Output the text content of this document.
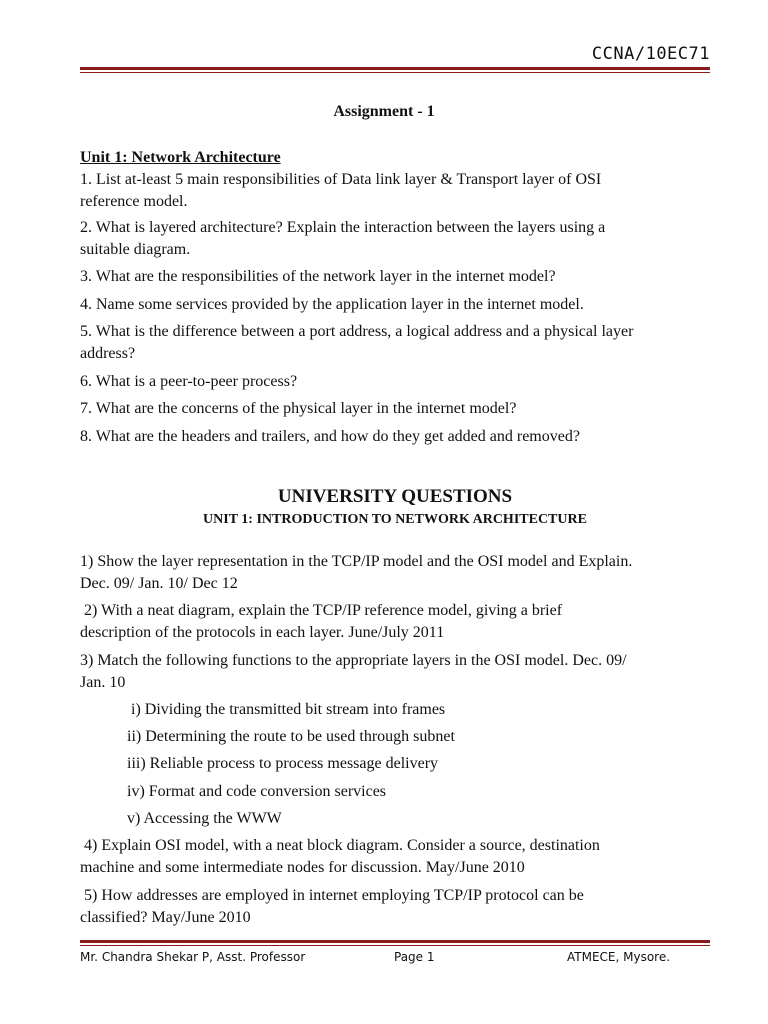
CCNA/10EC71
Assignment - 1
Unit 1: Network Architecture
1. List at-least 5 main responsibilities of Data link layer & Transport layer of OSI
reference model.
2. What is layered architecture? Explain the interaction between the layers using a
suitable diagram.
3. What are the responsibilities of the network layer in the internet model?
4. Name some services provided by the application layer in the internet model.
5. What is the difference between a port address, a logical address and a physical layer
address?
6. What is a peer-to-peer process?
7. What are the concerns of the physical layer in the internet model?
8. What are the headers and trailers, and how do they get added and removed?
UNIVERSITY QUESTIONS
UNIT 1: INTRODUCTION TO NETWORK ARCHITECTURE
1) Show the layer representation in the TCP/IP model and the OSI model and Explain.
Dec. 09/ Jan. 10/ Dec 12
2) With a neat diagram, explain the TCP/IP reference model, giving a brief
description of the protocols in each layer. June/July 2011
3) Match the following functions to the appropriate layers in the OSI model. Dec. 09/
Jan. 10
i) Dividing the transmitted bit stream into frames
ii) Determining the route to be used through subnet
iii) Reliable process to process message delivery
iv) Format and code conversion services
v) Accessing the WWW
4) Explain OSI model, with a neat block diagram. Consider a source, destination
machine and some intermediate nodes for discussion. May/June 2010
5) How addresses are employed in internet employing TCP/IP protocol can be
classified? May/June 2010
Mr. Chandra Shekar P, Asst. Professor	Page 1	ATMECE, Mysore.
